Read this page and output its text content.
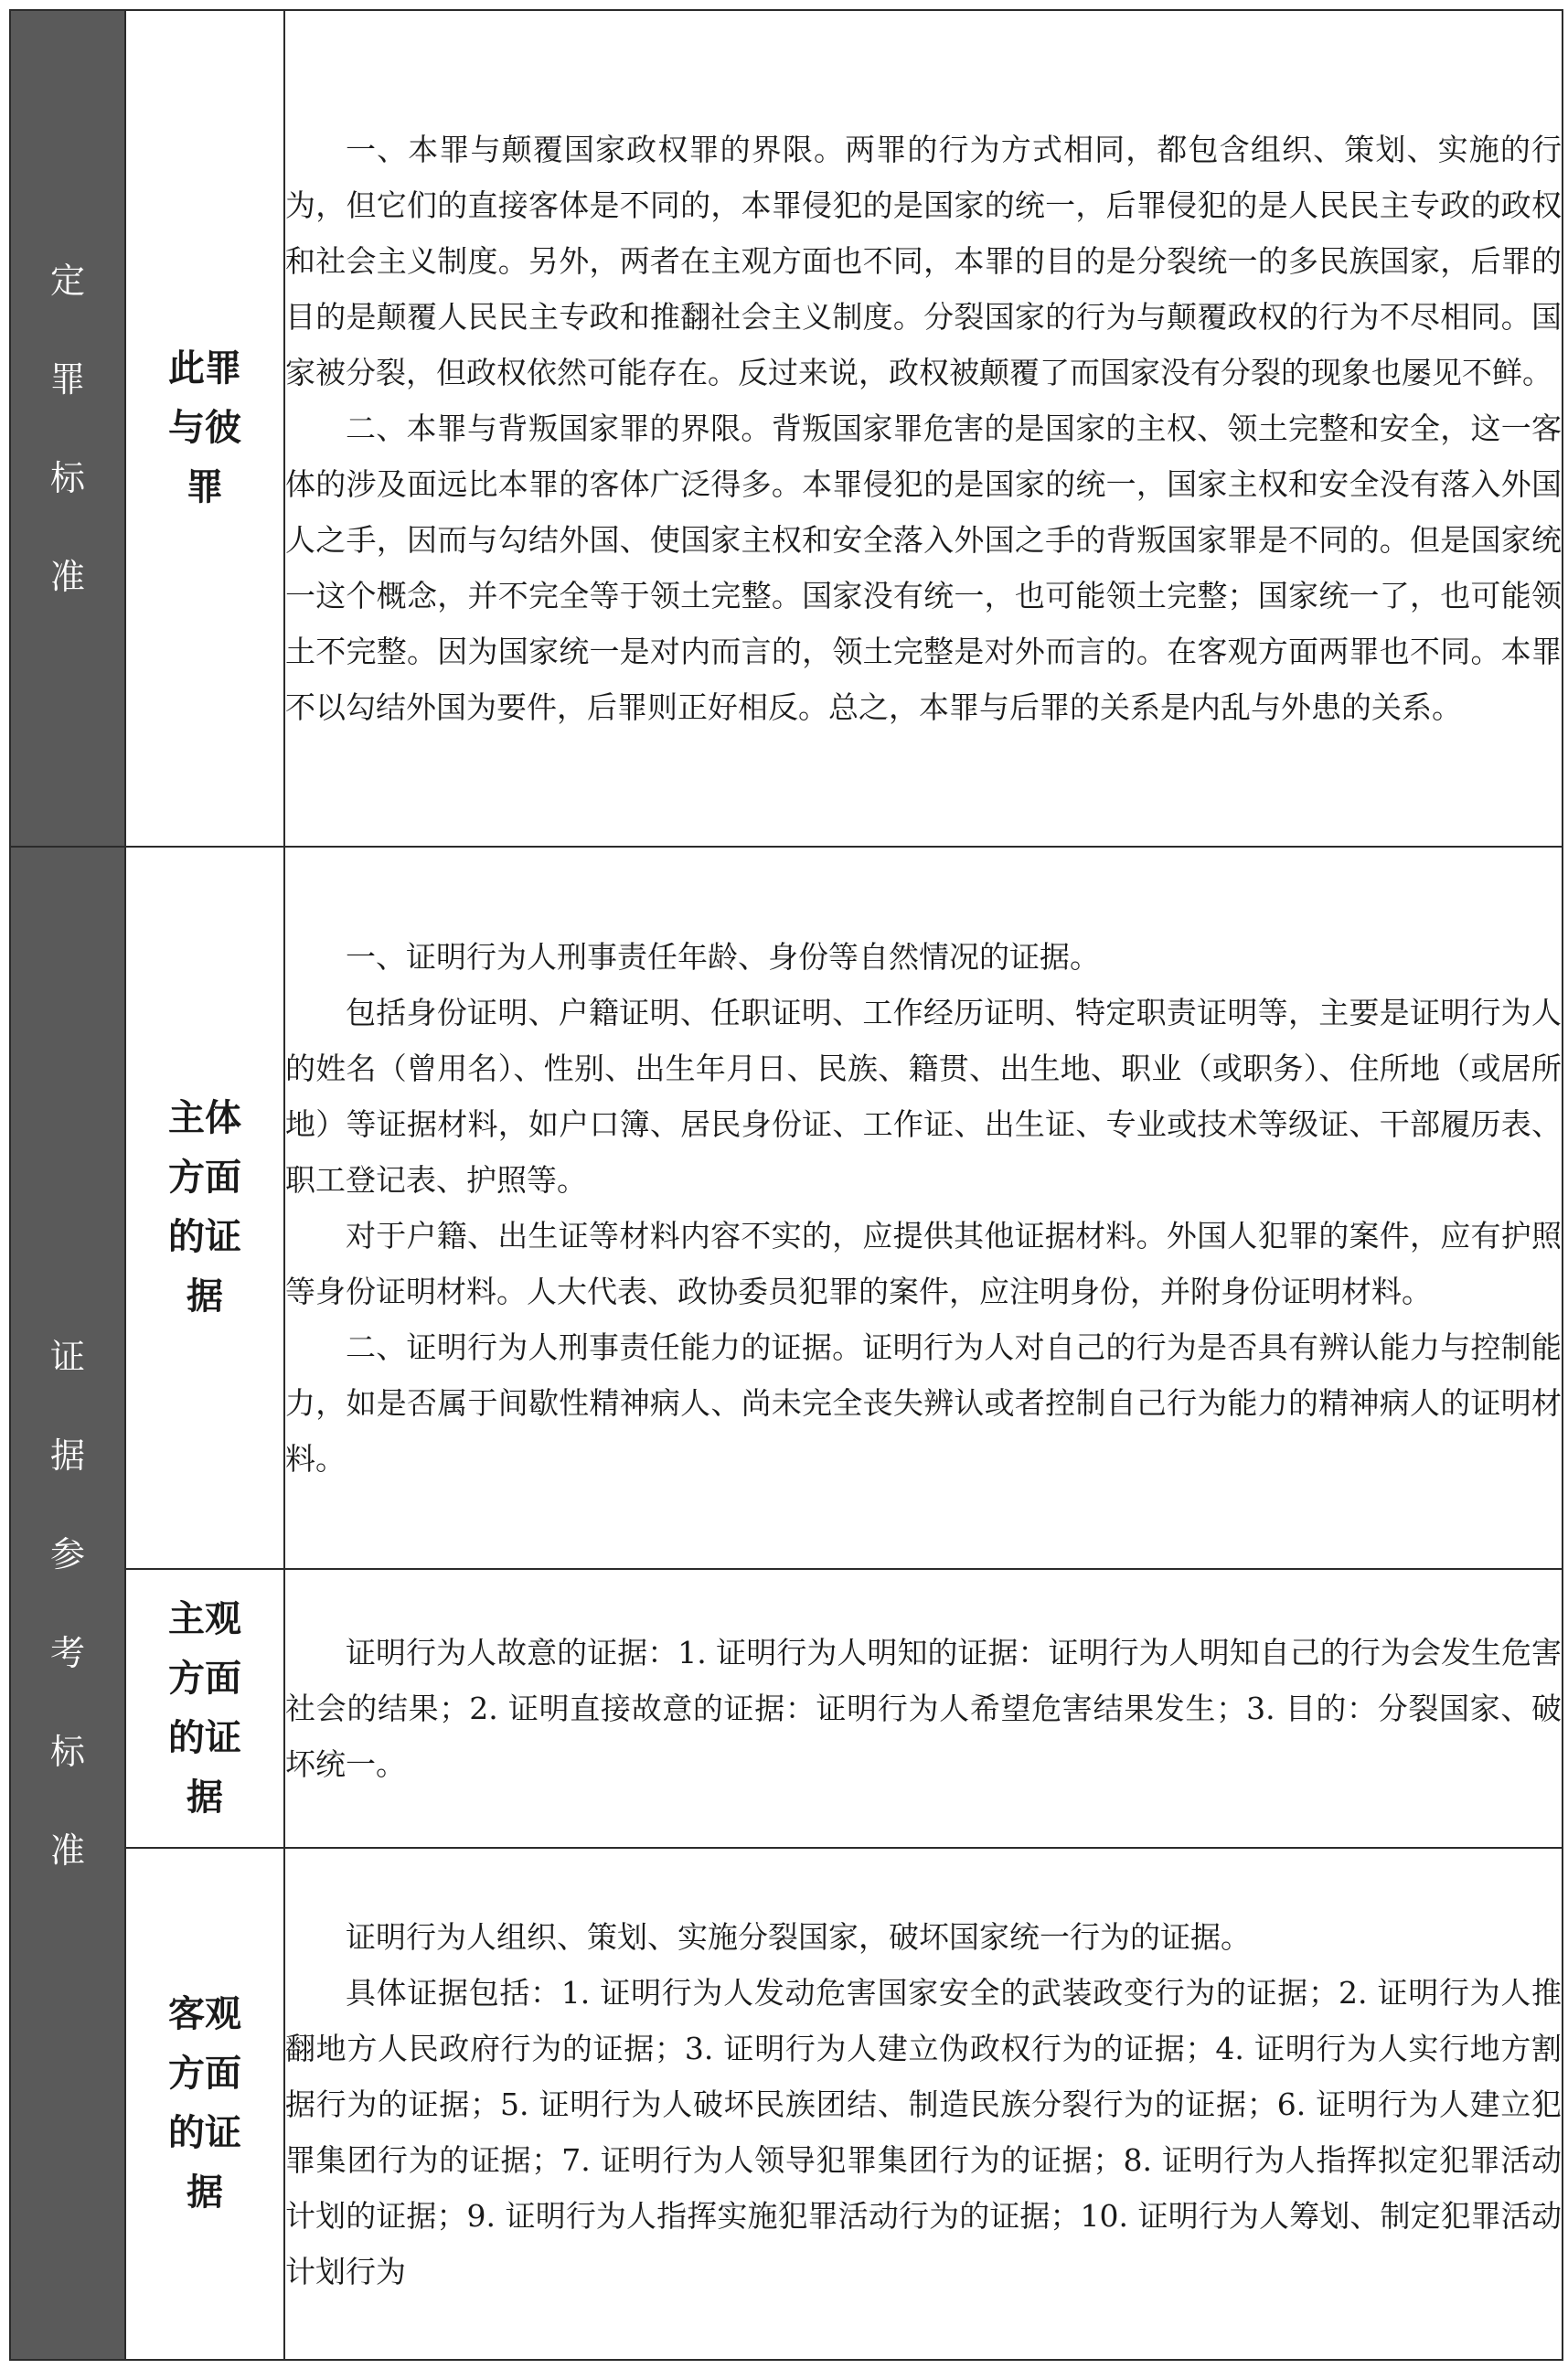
定罪标准	此罪与彼罪	一、本罪与颠覆国家政权罪的界限。两罪的行为方式相同，都包含组织、策划、实施的行为，但它们的直接客体是不同的，本罪侵犯的是国家的统一，后罪侵犯的是人民民主专政的政权和社会主义制度。另外，两者在主观方面也不同，本罪的目的是分裂统一的多民族国家，后罪的目的是颠覆人民民主专政和推翻社会主义制度。分裂国家的行为与颠覆政权的行为不尽相同。国家被分裂，但政权依然可能存在。反过来说，政权被颠覆了而国家没有分裂的现象也屡见不鲜。

二、本罪与背叛国家罪的界限。背叛国家罪危害的是国家的主权、领土完整和安全，这一客体的涉及面远比本罪的客体广泛得多。本罪侵犯的是国家的统一，国家主权和安全没有落入外国人之手，因而与勾结外国、使国家主权和安全落入外国之手的背叛国家罪是不同的。但是国家统一这个概念，并不完全等于领土完整。国家没有统一，也可能领土完整；国家统一了，也可能领土不完整。因为国家统一是对内而言的，领土完整是对外而言的。在客观方面两罪也不同。本罪不以勾结外国为要件，后罪则正好相反。总之，本罪与后罪的关系是内乱与外患的关系。

证据参考标准	主体方面的证据	一、证明行为人刑事责任年龄、身份等自然情况的证据。

包括身份证明、户籍证明、任职证明、工作经历证明、特定职责证明等，主要是证明行为人的姓名（曾用名）、性别、出生年月日、民族、籍贯、出生地、职业（或职务）、住所地（或居所地）等证据材料，如户口簿、居民身份证、工作证、出生证、专业或技术等级证、干部履历表、职工登记表、护照等。

对于户籍、出生证等材料内容不实的，应提供其他证据材料。外国人犯罪的案件，应有护照等身份证明材料。人大代表、政协委员犯罪的案件，应注明身份，并附身份证明材料。

二、证明行为人刑事责任能力的证据。证明行为人对自己的行为是否具有辨认能力与控制能力，如是否属于间歇性精神病人、尚未完全丧失辨认或者控制自己行为能力的精神病人的证明材料。

	主观方面的证据	证明行为人故意的证据：1. 证明行为人明知的证据：证明行为人明知自己的行为会发生危害社会的结果；2. 证明直接故意的证据：证明行为人希望危害结果发生；3. 目的：分裂国家、破坏统一。

	客观方面的证据	证明行为人组织、策划、实施分裂国家，破坏国家统一行为的证据。

具体证据包括：1. 证明行为人发动危害国家安全的武装政变行为的证据；2. 证明行为人推翻地方人民政府行为的证据；3. 证明行为人建立伪政权行为的证据；4. 证明行为人实行地方割据行为的证据；5. 证明行为人破坏民族团结、制造民族分裂行为的证据；6. 证明行为人建立犯罪集团行为的证据；7. 证明行为人领导犯罪集团行为的证据；8. 证明行为人指挥拟定犯罪活动计划的证据；9. 证明行为人指挥实施犯罪活动行为的证据；10. 证明行为人筹划、制定犯罪活动计划行为
